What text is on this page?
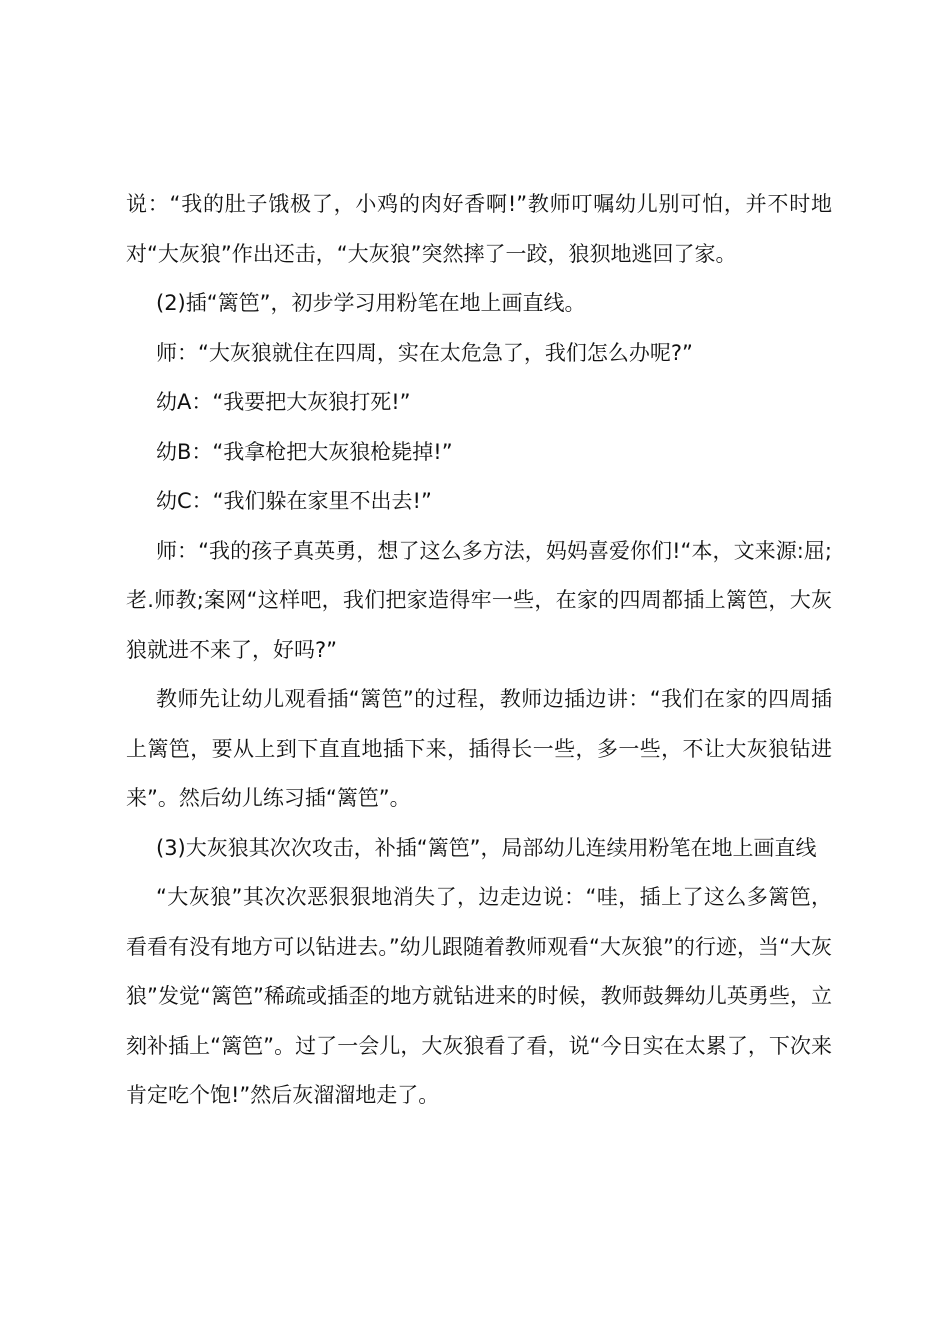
说：“我的肚子饿极了，小鸡的肉好香啊!”教师叮嘱幼儿别可怕，并不时地对“大灰狼”作出还击，“大灰狼”突然摔了一跤，狼狈地逃回了家。

(2)插“篱笆”，初步学习用粉笔在地上画直线。

师：“大灰狼就住在四周，实在太危急了，我们怎么办呢?”

幼A：“我要把大灰狼打死!”

幼B：“我拿枪把大灰狼枪毙掉!”

幼C：“我们躲在家里不出去!”

师：“我的孩子真英勇，想了这么多方法，妈妈喜爱你们!“本，文来源:屈;老.师教;案网“这样吧，我们把家造得牢一些，在家的四周都插上篱笆，大灰狼就进不来了，好吗?”

教师先让幼儿观看插“篱笆”的过程，教师边插边讲：“我们在家的四周插上篱笆，要从上到下直直地插下来，插得长一些，多一些，不让大灰狼钻进来”。然后幼儿练习插“篱笆”。

(3)大灰狼其次次攻击，补插“篱笆”，局部幼儿连续用粉笔在地上画直线

“大灰狼”其次次恶狠狠地消失了，边走边说：“哇，插上了这么多篱笆，看看有没有地方可以钻进去。”幼儿跟随着教师观看“大灰狼”的行迹，当“大灰狼”发觉“篱笆”稀疏或插歪的地方就钻进来的时候，教师鼓舞幼儿英勇些，立刻补插上“篱笆”。过了一会儿，大灰狼看了看，说“今日实在太累了，下次来肯定吃个饱!”然后灰溜溜地走了。
